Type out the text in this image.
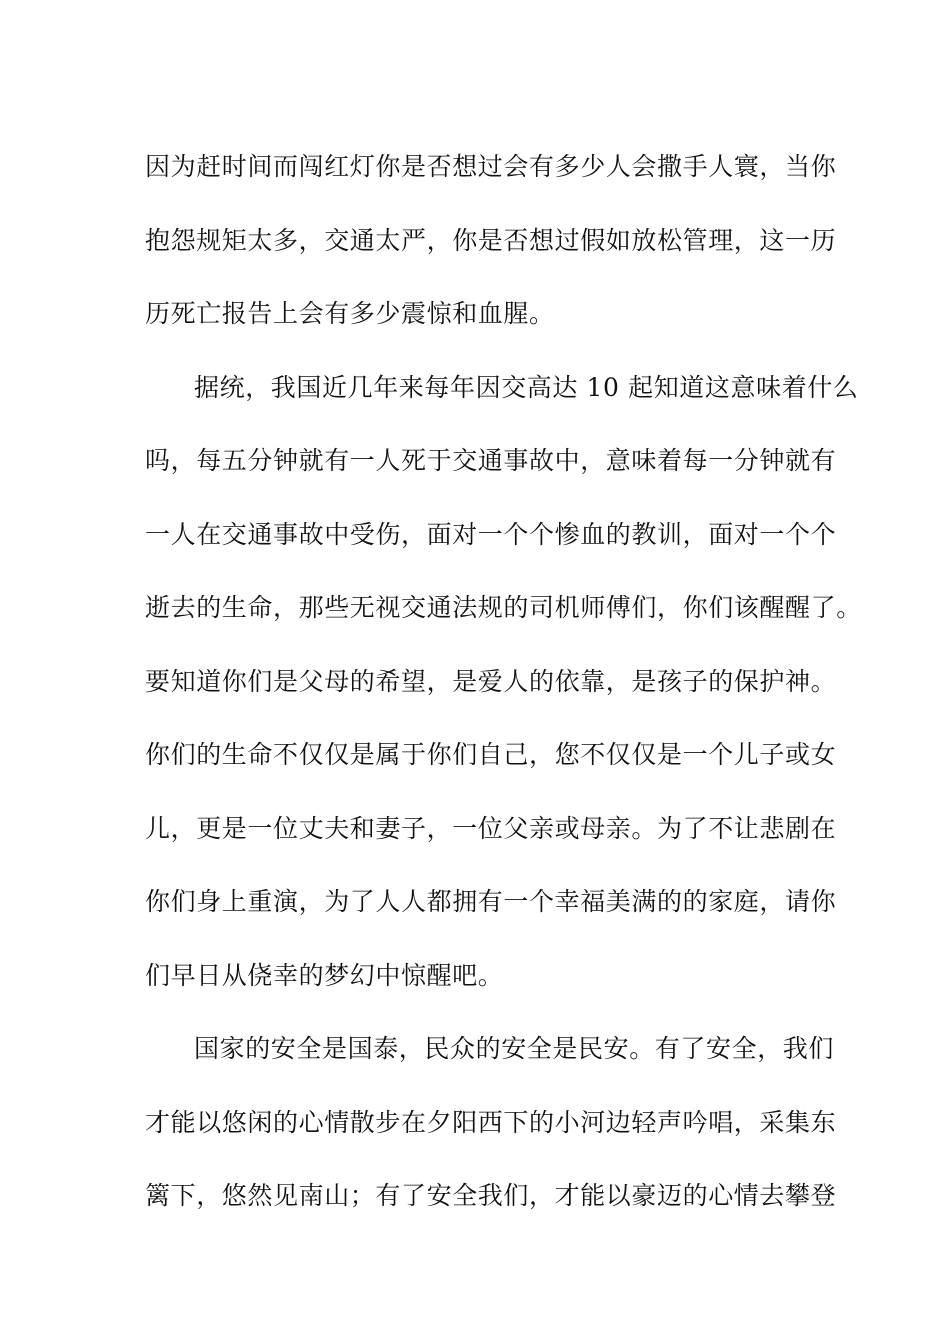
因为赶时间而闯红灯你是否想过会有多少人会撒手人寰，当你
抱怨规矩太多，交通太严，你是否想过假如放松管理，这一历
历死亡报告上会有多少震惊和血腥。
据统，我国近几年来每年因交高达 10 起知道这意味着什么
吗，每五分钟就有一人死于交通事故中，意味着每一分钟就有
一人在交通事故中受伤，面对一个个惨血的教训，面对一个个
逝去的生命，那些无视交通法规的司机师傅们，你们该醒醒了。
要知道你们是父母的希望，是爱人的依靠，是孩子的保护神。
你们的生命不仅仅是属于你们自己，您不仅仅是一个儿子或女
儿，更是一位丈夫和妻子，一位父亲或母亲。为了不让悲剧在
你们身上重演，为了人人都拥有一个幸福美满的的家庭，请你
们早日从侥幸的梦幻中惊醒吧。
国家的安全是国泰，民众的安全是民安。有了安全，我们
才能以悠闲的心情散步在夕阳西下的小河边轻声吟唱，采集东
篱下，悠然见南山；有了安全我们，才能以豪迈的心情去攀登
